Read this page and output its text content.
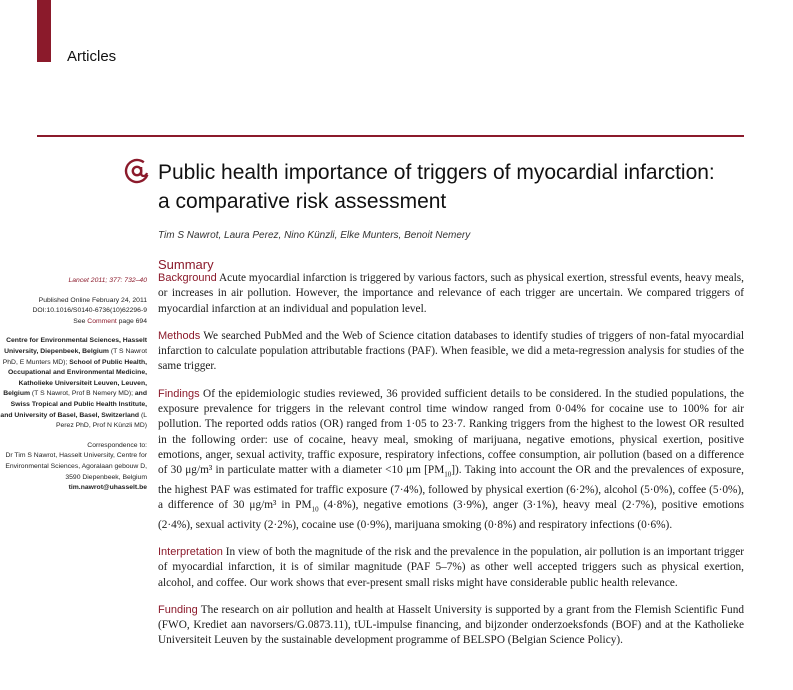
Articles
Public health importance of triggers of myocardial infarction: a comparative risk assessment
Tim S Nawrot, Laura Perez, Nino Künzli, Elke Munters, Benoit Nemery
Lancet 2011; 377: 732–40
Published Online February 24, 2011
DOI:10.1016/S0140-6736(10)62296-9
See Comment page 694
Centre for Environmental Sciences, Hasselt University, Diepenbeek, Belgium (T S Nawrot PhD, E Munters MD); School of Public Health, Occupational and Environmental Medicine, Katholieke Universiteit Leuven, Leuven, Belgium (T S Nawrot, Prof B Nemery MD); and Swiss Tropical and Public Health Institute, and University of Basel, Basel, Switzerland (L Perez PhD, Prof N Künzli MD)
Correspondence to:
Dr Tim S Nawrot, Hasselt University, Centre for Environmental Sciences, Agoralaan gebouw D, 3590 Diepenbeek, Belgium
tim.nawrot@uhasselt.be
Summary

Background Acute myocardial infarction is triggered by various factors, such as physical exertion, stressful events, heavy meals, or increases in air pollution. However, the importance and relevance of each trigger are uncertain. We compared triggers of myocardial infarction at an individual and population level.

Methods We searched PubMed and the Web of Science citation databases to identify studies of triggers of non-fatal myocardial infarction to calculate population attributable fractions (PAF). When feasible, we did a meta-regression analysis for studies of the same trigger.

Findings Of the epidemiologic studies reviewed, 36 provided sufficient details to be considered. In the studied populations, the exposure prevalence for triggers in the relevant control time window ranged from 0·04% for cocaine use to 100% for air pollution. The reported odds ratios (OR) ranged from 1·05 to 23·7. Ranking triggers from the highest to the lowest OR resulted in the following order: use of cocaine, heavy meal, smoking of marijuana, negative emotions, physical exertion, positive emotions, anger, sexual activity, traffic exposure, respiratory infections, coffee consumption, air pollution (based on a difference of 30 μg/m³ in particulate matter with a diameter <10 μm $[PM_{10}]$). Taking into account the OR and the prevalences of exposure, the highest PAF was estimated for traffic exposure (7·4%), followed by physical exertion (6·2%), alcohol (5·0%), coffee (5·0%), a difference of 30 μg/m³ in $PM_{10}$ (4·8%), negative emotions (3·9%), anger (3·1%), heavy meal (2·7%), positive emotions (2·4%), sexual activity (2·2%), cocaine use (0·9%), marijuana smoking (0·8%) and respiratory infections (0·6%).

Interpretation In view of both the magnitude of the risk and the prevalence in the population, air pollution is an important trigger of myocardial infarction, it is of similar magnitude (PAF 5–7%) as other well accepted triggers such as physical exertion, alcohol, and coffee. Our work shows that ever-present small risks might have considerable public health relevance.

Funding The research on air pollution and health at Hasselt University is supported by a grant from the Flemish Scientific Fund (FWO, Krediet aan navorsers/G.0873.11), tUL-impulse financing, and bijzonder onderzoeksfonds (BOF) and at the Katholieke Universiteit Leuven by the sustainable development programme of BELSPO (Belgian Science Policy).
